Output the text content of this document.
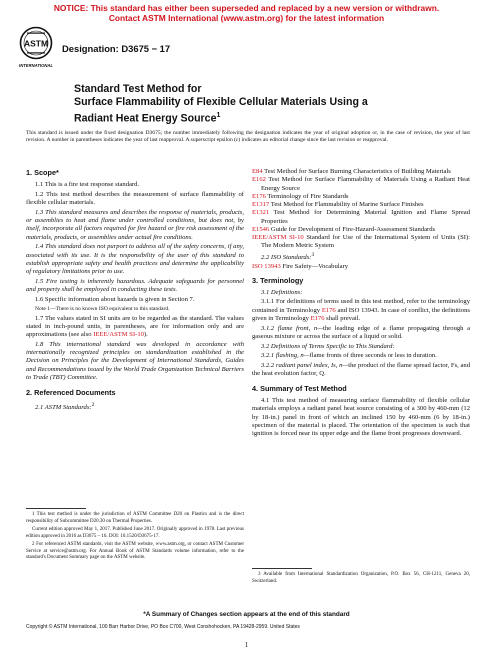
NOTICE: This standard has either been superseded and replaced by a new version or withdrawn.
Contact ASTM International (www.astm.org) for the latest information
ASTM
INTERNATIONAL
Designation: D3675 − 17
Standard Test Method for
Surface Flammability of Flexible Cellular Materials Using a
Radiant Heat Energy Source$^1$
This standard is issued under the fixed designation D3675; the number immediately following the designation indicates the year of original adoption or, in the case of revision, the year of last revision. A number in parentheses indicates the year of last reapproval. A superscript epsilon (ε) indicates an editorial change since the last revision or reapproval.
1. Scope*
1.1 This is a fire test response standard.
1.2 This test method describes the measurement of surface flammability of flexible cellular materials.
1.3 This standard measures and describes the response of materials, products, or assemblies to heat and flame under controlled conditions, but does not, by itself, incorporate all factors required for fire hazard or fire risk assessment of the materials, products, or assemblies under actual fire conditions.
1.4 This standard does not purport to address all of the safety concerns, if any, associated with its use. It is the responsibility of the user of this standard to establish appropriate safety and health practices and determine the applicability of regulatory limitations prior to use.
1.5 Fire testing is inherently hazardous. Adequate safeguards for personnel and property shall be employed in conducting these tests.
1.6 Specific information about hazards is given in Section 7.
Note 1—There is no known ISO equivalent to this standard.
1.7 The values stated in SI units are to be regarded as the standard. The values stated in inch-pound units, in parentheses, are for information only and are approximations (see also IEEE/ASTM SI-10).
1.8 This international standard was developed in accordance with internationally recognized principles on standardization established in the Decision on Principles for the Development of International Standards, Guides and Recommendations issued by the World Trade Organization Technical Barriers to Trade (TBT) Committee.
2. Referenced Documents
2.1 ASTM Standards:$^2$
E84 Test Method for Surface Burning Characteristics of Building Materials
E162 Test Method for Surface Flammability of Materials Using a Radiant Heat Energy Source
E176 Terminology of Fire Standards
E1317 Test Method for Flammability of Marine Surface Finishes
E1321 Test Method for Determining Material Ignition and Flame Spread Properties
E1546 Guide for Development of Fire-Hazard-Assessment Standards
IEEE/ASTM SI-10 Standard for Use of the International System of Units (SI): The Modern Metric System
2.2 ISO Standards:$^3$
ISO 13943 Fire Safety—Vocabulary
3. Terminology
3.1 Definitions:
3.1.1 For definitions of terms used in this test method, refer to the terminology contained in Terminology E176 and ISO 13943. In case of conflict, the definitions given in Terminology E176 shall prevail.
3.1.2 flame front, n—the leading edge of a flame propagating through a gaseous mixture or across the surface of a liquid or solid.
3.2 Definitions of Terms Specific to This Standard:
3.2.1 flashing, n—flame fronts of three seconds or less in duration.
3.2.2 radiant panel index, Is, n—the product of the flame spread factor, Fs, and the heat evolution factor, Q.
4. Summary of Test Method
4.1 This test method of measuring surface flammability of flexible cellular materials employs a radiant panel heat source consisting of a 300 by 460-mm (12 by 18-in.) panel in front of which an inclined 150 by 460-mm (6 by 18-in.) specimen of the material is placed. The orientation of the specimen is such that ignition is forced near its upper edge and the flame front progresses downward.
1 This test method is under the jurisdiction of ASTM Committee D20 on Plastics and is the direct responsibility of Subcommittee D20.30 on Thermal Properties.
Current edition approved May 1, 2017. Published June 2017. Originally approved in 1978. Last previous edition approved in 2016 as D3675 – 16. DOI: 10.1520/D3675-17.
2 For referenced ASTM standards, visit the ASTM website, www.astm.org, or contact ASTM Customer Service at service@astm.org. For Annual Book of ASTM Standards volume information, refer to the standard's Document Summary page on the ASTM website.
3 Available from International Standardization Organization, P.O. Box 56, CH-1211, Geneva 20, Switzerland.
*A Summary of Changes section appears at the end of this standard
Copyright © ASTM International, 100 Barr Harbor Drive, PO Box C700, West Conshohocken, PA 19428-2959. United States
1
